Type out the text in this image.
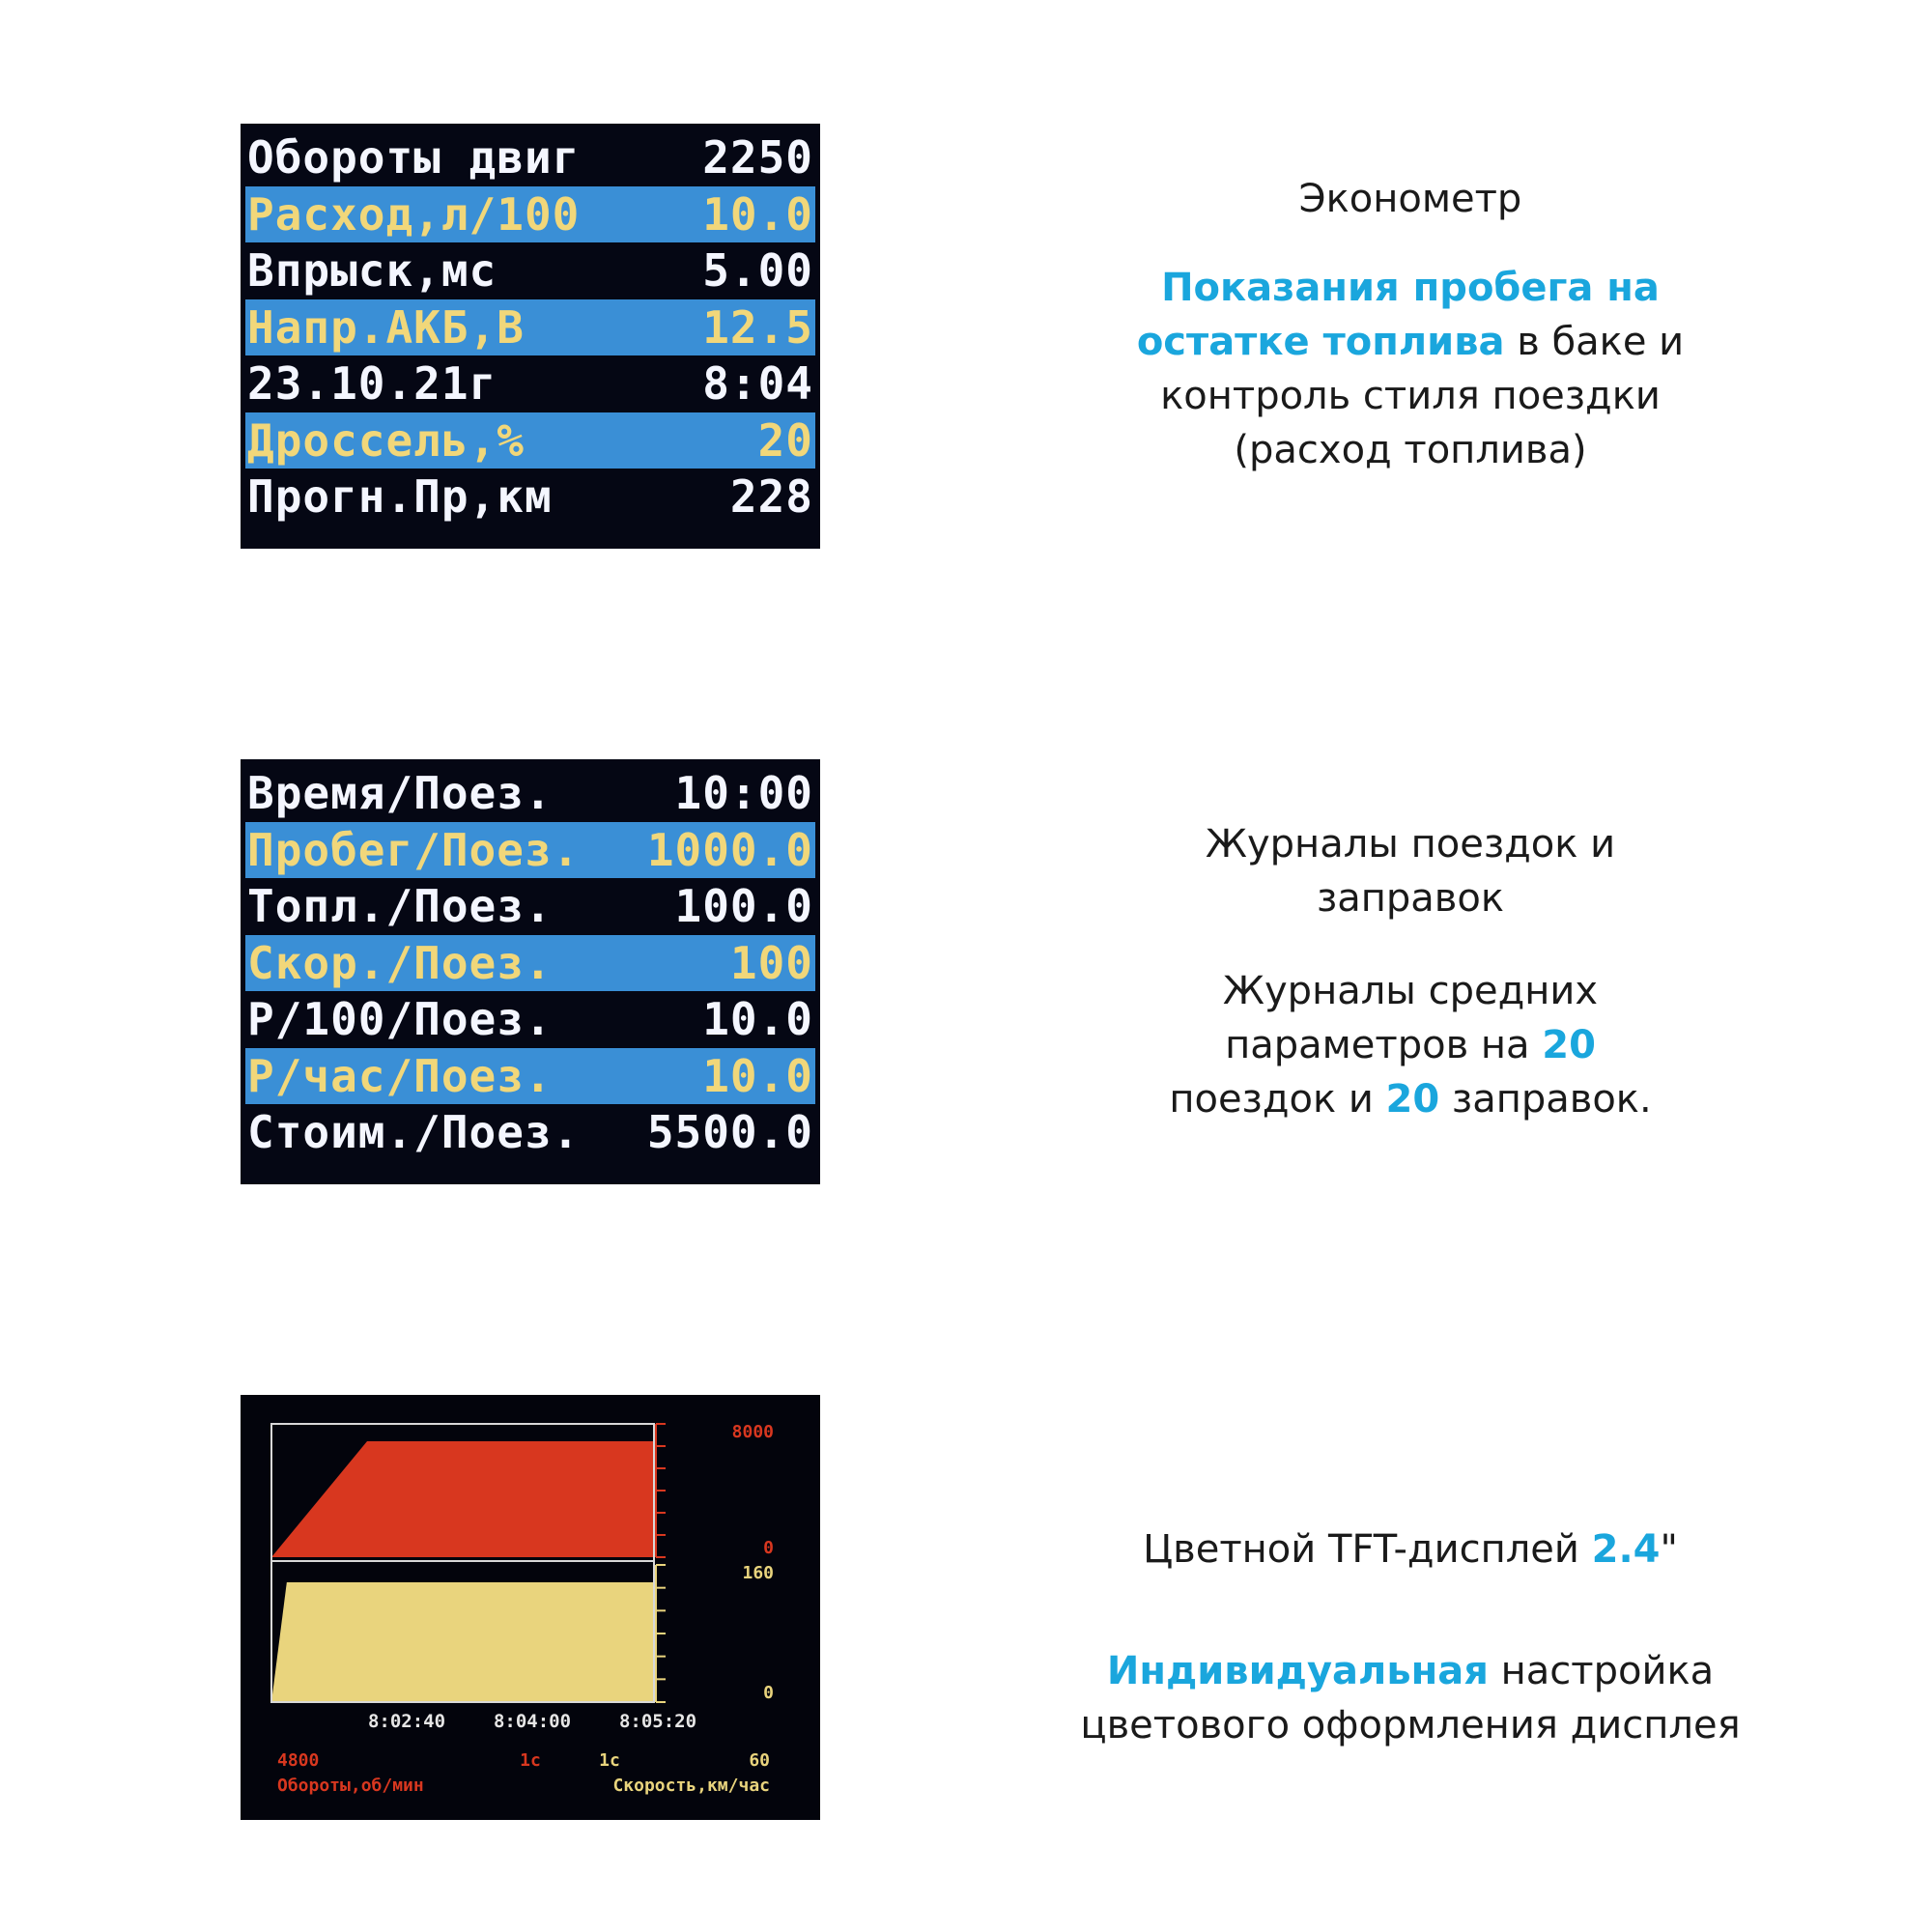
Обороты двиг	2250
Расход,л/100	10.0
Впрыск,мс	5.00
Напр.АКБ,В	12.5
23.10.21г	8:04
Дроссель,%	20
Прогн.Пр,км	228
Эконометр
Показания пробега на
остатке топлива в баке и
контроль стиля поездки
(расход топлива)
Время/Поез.	10:00
Пробег/Поез. 1000.0
Топл./Поез.	100.0
Скор./Поез.	100
Р/100/Поез.	10.0
Р/час/Поез.	10.0
Стоим./Поез. 5500.0
Журналы поездок и
заправок
Журналы средних
параметров на 20
поездок и 20 заправок.
8000
0
160
0
8:02:40	8:04:00	8:05:20
4800	1с	1с	60
Обороты,об/мин	Скорость,км/час
Цветной TFT-дисплей 2.4"
Индивидуальная настройка
цветового оформления дисплея
